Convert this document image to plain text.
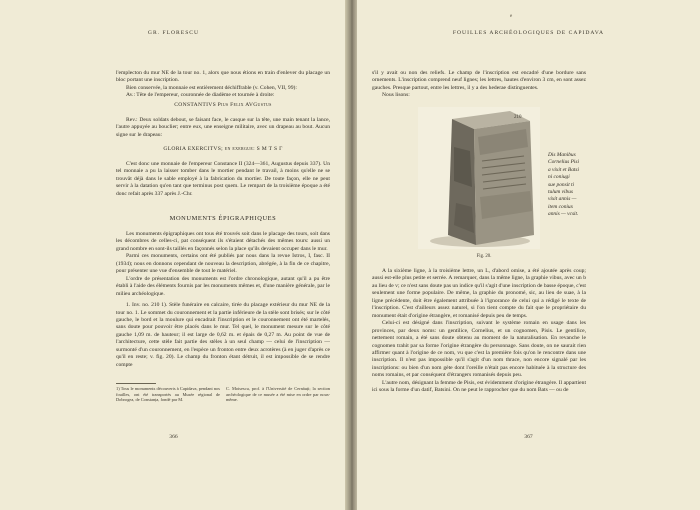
GR. FLORESCU

l'emplecton du mur NE de la tour no. 1, alors que nous étions en train d'enlever du placage un bloc portant une inscription.

Bien conservée, la monnaie est entièrement déchiffrable (v. Cohen, VII, 99):

Av.: Tête de l'empereur, couronnée de diadème et tournée à droite:

CONSTANTIVS Pius Felix AVGustus

Rev.: Deux soldats debout, se faisant face, le casque sur la tête, une main tenant la lance, l'autre appuyée au bouclier; entre eux, une enseigne militaire, avec un drapeau au bout. Aucun signe sur le drapeau:

GLORIA EXERCITVS; en exergue: S M T S Γ

C'est donc une monnaie de l'empereur Constance II (324—361, Augustus depuis 337). Un tel monnaie a pu la laisser tomber dans le mortier pendant le travail, à moins qu'elle ne se trouvât déjà dans le sable employé à la fabrication du mortier. De toute façon, elle ne peut servir à la datation qu'en tant que terminus post quem. Le rempart de la troisième époque a été donc refait après 337 après J.-Chr.

MONUMENTS ÉPIGRAPHIQUES

Les monuments épigraphiques ont tous été trouvés soit dans le placage des tours, soit dans les décombres de celles-ci, pat conséquent ils s'étaient détachés des mêmes tours: aussi un grand nombre en sont-ils taillés en façonnés selon la place qu'ils devaient occuper dans le mur.

Parmi ces monuments, certains ont été publiés par nous dans la revue Istros, I, fasc. II (1934); nous en donnons cependant de nouveau la description, abrégée, à la fin de ce chapitre, pour présenter une vue d'ensemble de tout le matériel.

L'ordre de présentation des monuments est l'ordre chronologique, autant qu'il a pu être établi à l'aide des éléments fournis par les monuments mêmes et, d'une manière générale, par le milieu archéologique.

1. Inv. no. 210 1). Stèle funéraire en calcaire, tirée du placage extérieur du mur NE de la tour no. 1. Le sommet du couronnement et la partie inférieure de la stèle sont brisés; sur le côté gauche, le bord et la moulure qui encadrait l'inscription et le couronnement ont été martelés, sans doute pour pouvoir être placés dans le mur. Tel quel, le monument mesure sur le côté gauche 1,09 m. de hauteur; il est large de 0,62 m. et épais de 0,27 m. Au point de vue de l'architecture, cette stèle fait partie des stèles à un seul champ — celui de l'inscription — surmonté d'un couronnement, en l'espèce un fronton entre deux acrotères (à en juger d'après ce qu'il en reste; v. fig. 20). Le champ du fronton étant détruit, il est impossible de se rendre compte

1) Tous le monuments découverts à Capidava, pendant nos fouilles, ont été transportés au Musée régional de Dobrogea, de Constanța, fondé par M.
C. Moisescu, prof. à l'Université de Cernăuți; la section archéologique de ce musée a été mise en ordre par nous-même.
366
e
FOUILLES ARCHÉOLOGIQUES DE CAPIDAVA

s'il y avait ou non des reliefs. Le champ de l'inscription est encadré d'une bordure sans ornements. L'inscription comprend neuf lignes; les lettres, hautes d'environ 3 cm, en sont assez gauches. Presque partout, entre les lettres, il y a des hederae distinguentes.

Nous lisons:

210
Dis Manibus
Cornelius Pisi
a vixit et Batsi
ni coniugi
sue ponsit ti
tulum vibus
vixit annis —
item coniux
annis — vcsit.
Fig. 20.

A la sixième ligne, à la troisième lettre, un L, d'abord omise, a été ajoutée après coup; aussi est-elle plus petite et serrée. A remarquer, dans la même ligne, la graphie vibus, avec un b au lieu de v; ce n'est sans doute pas un indice qu'il s'agit d'une inscription de basse époque, c'est seulement une forme populaire. De même, la graphie du pronomé, sic, au lieu de suae, à la ligne précédente, doit être également attribuée à l'ignorance de celui qui a rédigé le texte de l'inscription. C'est d'ailleurs assez naturel, si l'on tient compte du fait que le propriétaire du monument était d'origine étrangère, et romanisé depuis peu de temps.

Celui-ci est désigné dans l'inscription, suivant le système romain en usage dans les provinces, par deux noms: un gentilice, Cornelius, et un cognomen, Pisis. Le gentilice, nettement romain, a été sans doute obtenu au moment de la naturalisation. En revanche le cognomen trahit par sa forme l'origine étrangère du personnage. Sans doute, on ne saurait rien affirmer quant à l'origine de ce nom, vu que c'est la première fois qu'on le rencontre dans une inscription. Il n'est pas impossible qu'il s'agit d'un nom thrace, non encore signalé par les inscriptions: ou bien d'un nom gète dont l'oreille n'était pas encore habituée à la structure des noms romains, et par conséquent d'étrangers romanisés depuis peu.

L'autre nom, désignant la femme de Pisis, est évidemment d'origine étrangère. Il appartient ici sous la forme d'un datif, Batsini. On ne peut le rapprocher que du nom Bats — ou de

367
